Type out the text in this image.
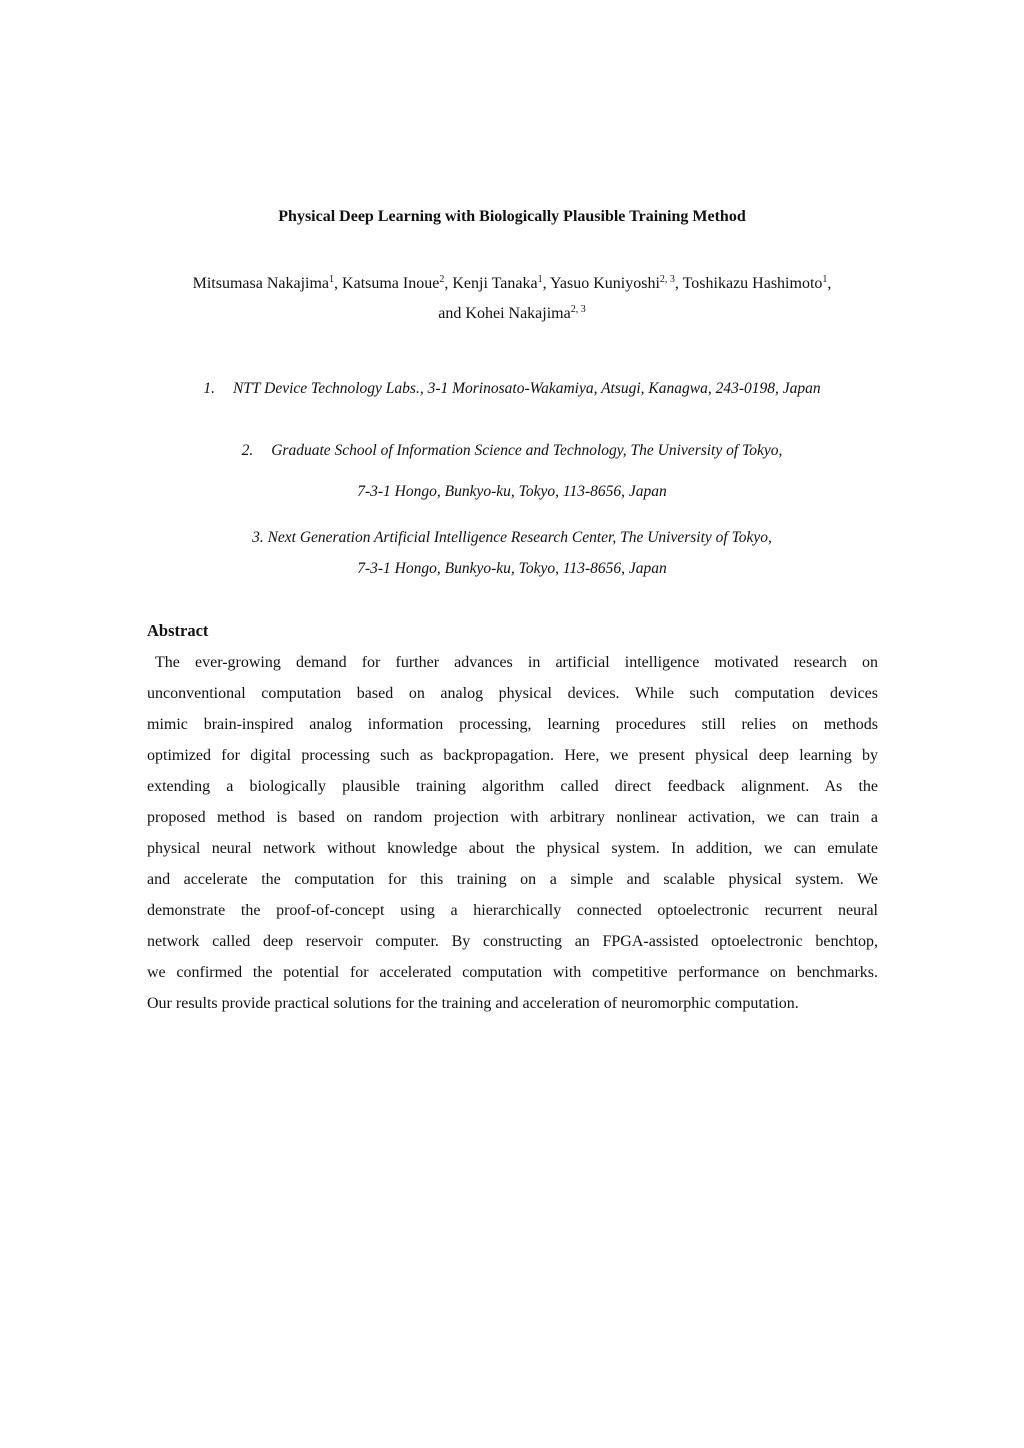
Physical Deep Learning with Biologically Plausible Training Method
Mitsumasa Nakajima$^1$, Katsuma Inoue$^2$, Kenji Tanaka$^1$, Yasuo Kuniyoshi$^{2, 3}$, Toshikazu Hashimoto$^1$,
and Kohei Nakajima$^{2, 3}$
1. NTT Device Technology Labs., 3-1 Morinosato-Wakamiya, Atsugi, Kanagwa, 243-0198, Japan
2. Graduate School of Information Science and Technology, The University of Tokyo,
7-3-1 Hongo, Bunkyo-ku, Tokyo, 113-8656, Japan
3. Next Generation Artificial Intelligence Research Center, The University of Tokyo,
7-3-1 Hongo, Bunkyo-ku, Tokyo, 113-8656, Japan
Abstract
The ever-growing demand for further advances in artificial intelligence motivated research on
unconventional computation based on analog physical devices. While such computation devices
mimic brain-inspired analog information processing, learning procedures still relies on methods
optimized for digital processing such as backpropagation. Here, we present physical deep learning by
extending a biologically plausible training algorithm called direct feedback alignment. As the
proposed method is based on random projection with arbitrary nonlinear activation, we can train a
physical neural network without knowledge about the physical system. In addition, we can emulate
and accelerate the computation for this training on a simple and scalable physical system. We
demonstrate the proof-of-concept using a hierarchically connected optoelectronic recurrent neural
network called deep reservoir computer. By constructing an FPGA-assisted optoelectronic benchtop,
we confirmed the potential for accelerated computation with competitive performance on benchmarks.
Our results provide practical solutions for the training and acceleration of neuromorphic computation.
